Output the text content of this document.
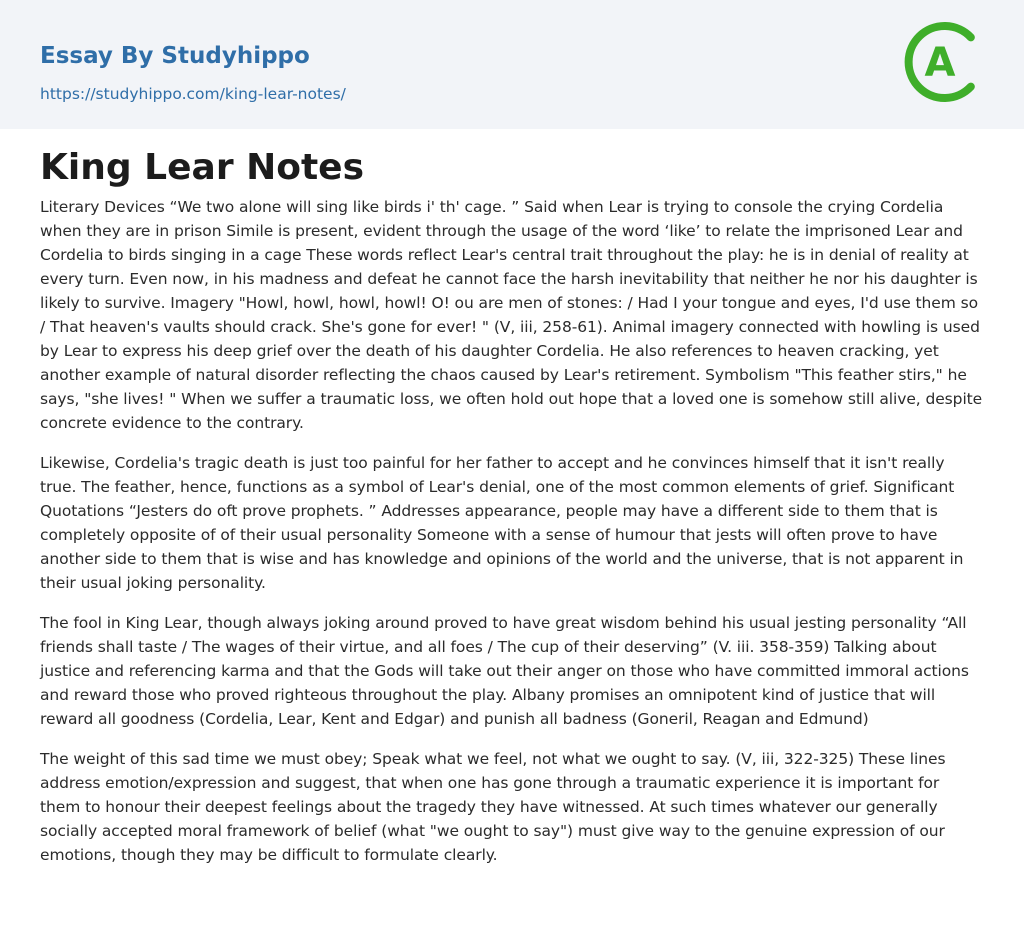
Essay By Studyhippo
https://studyhippo.com/king-lear-notes/
A
King Lear Notes

Literary Devices “We two alone will sing like birds i' th' cage. ” Said when Lear is trying to console the crying Cordelia when they are in prison Simile is present, evident through the usage of the word ‘like’ to relate the imprisoned Lear and Cordelia to birds singing in a cage These words reflect Lear's central trait throughout the play: he is in denial of reality at every turn. Even now, in his madness and defeat he cannot face the harsh inevitability that neither he nor his daughter is likely to survive. Imagery "Howl, howl, howl, howl! O! ou are men of stones: / Had I your tongue and eyes, I'd use them so / That heaven's vaults should crack. She's gone for ever! " (V, iii, 258-61). Animal imagery connected with howling is used by Lear to express his deep grief over the death of his daughter Cordelia. He also references to heaven cracking, yet another example of natural disorder reflecting the chaos caused by Lear's retirement. Symbolism "This feather stirs," he says, "she lives! " When we suffer a traumatic loss, we often hold out hope that a loved one is somehow still alive, despite concrete evidence to the contrary.

Likewise, Cordelia's tragic death is just too painful for her father to accept and he convinces himself that it isn't really true. The feather, hence, functions as a symbol of Lear's denial, one of the most common elements of grief. Significant Quotations “Jesters do oft prove prophets. ” Addresses appearance, people may have a different side to them that is completely opposite of of their usual personality Someone with a sense of humour that jests will often prove to have another side to them that is wise and has knowledge and opinions of the world and the universe, that is not apparent in their usual joking personality.

The fool in King Lear, though always joking around proved to have great wisdom behind his usual jesting personality “All friends shall taste / The wages of their virtue, and all foes / The cup of their deserving” (V. iii. 358-359) Talking about justice and referencing karma and that the Gods will take out their anger on those who have committed immoral actions and reward those who proved righteous throughout the play. Albany promises an omnipotent kind of justice that will reward all goodness (Cordelia, Lear, Kent and Edgar) and punish all badness (Goneril, Reagan and Edmund)

The weight of this sad time we must obey; Speak what we feel, not what we ought to say. (V, iii, 322-325) These lines address emotion/expression and suggest, that when one has gone through a traumatic experience it is important for them to honour their deepest feelings about the tragedy they have witnessed. At such times whatever our generally socially accepted moral framework of belief (what "we ought to say") must give way to the genuine expression of our emotions, though they may be difficult to formulate clearly.
